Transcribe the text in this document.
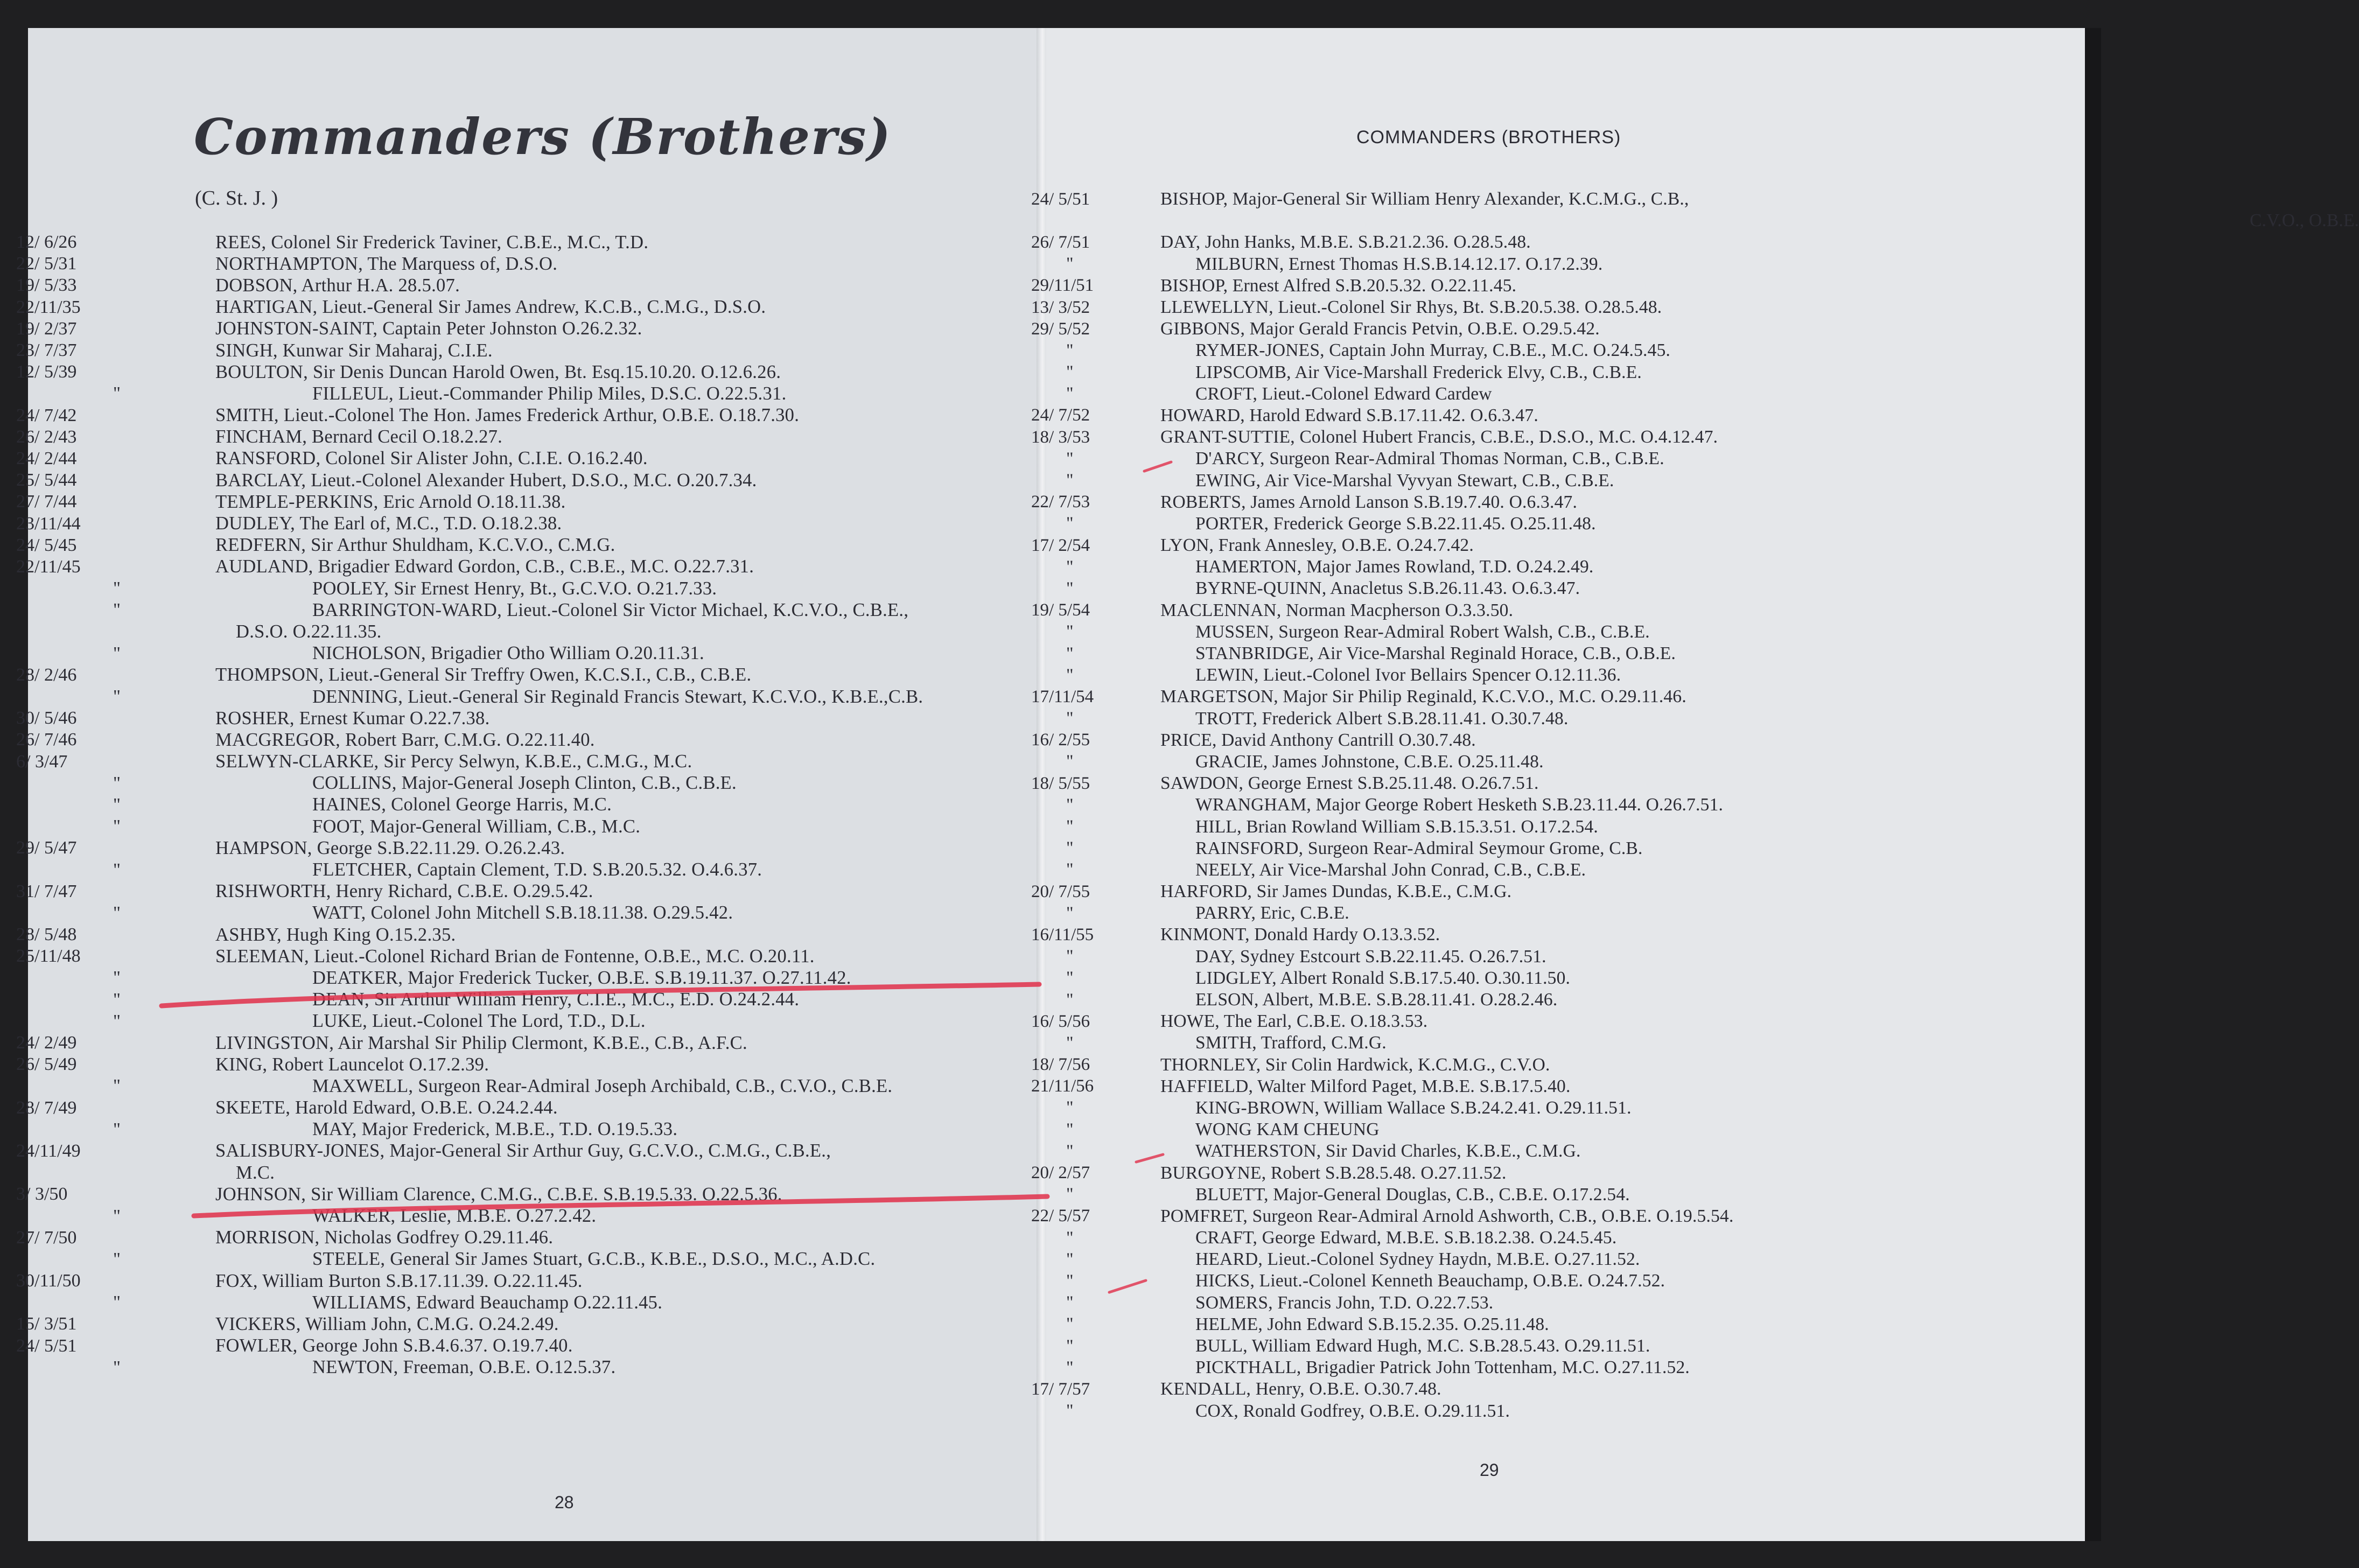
Commanders (Brothers)
(C. St. J. )
COMMANDERS (BROTHERS)
12/ 6/26	REES, Colonel Sir Frederick Taviner, C.B.E., M.C., T.D.
22/ 5/31	NORTHAMPTON, The Marquess of, D.S.O.
19/ 5/33	DOBSON, Arthur H.A. 28.5.07.
22/11/35	HARTIGAN, Lieut.-General Sir James Andrew, K.C.B., C.M.G., D.S.O.
19/ 2/37	JOHNSTON-SAINT, Captain Peter Johnston O.26.2.32.
23/ 7/37	SINGH, Kunwar Sir Maharaj, C.I.E.
12/ 5/39	BOULTON, Sir Denis Duncan Harold Owen, Bt. Esq.15.10.20. O.12.6.26.
"	FILLEUL, Lieut.-Commander Philip Miles, D.S.C. O.22.5.31.
24/ 7/42	SMITH, Lieut.-Colonel The Hon. James Frederick Arthur, O.B.E. O.18.7.30.
26/ 2/43	FINCHAM, Bernard Cecil O.18.2.27.
24/ 2/44	RANSFORD, Colonel Sir Alister John, C.I.E. O.16.2.40.
25/ 5/44	BARCLAY, Lieut.-Colonel Alexander Hubert, D.S.O., M.C. O.20.7.34.
27/ 7/44	TEMPLE-PERKINS, Eric Arnold O.18.11.38.
23/11/44	DUDLEY, The Earl of, M.C., T.D. O.18.2.38.
24/ 5/45	REDFERN, Sir Arthur Shuldham, K.C.V.O., C.M.G.
22/11/45	AUDLAND, Brigadier Edward Gordon, C.B., C.B.E., M.C. O.22.7.31.
"	POOLEY, Sir Ernest Henry, Bt., G.C.V.O. O.21.7.33.
"	BARRINGTON-WARD, Lieut.-Colonel Sir Victor Michael, K.C.V.O., C.B.E.,
D.S.O. O.22.11.35.
"	NICHOLSON, Brigadier Otho William O.20.11.31.
28/ 2/46	THOMPSON, Lieut.-General Sir Treffry Owen, K.C.S.I., C.B., C.B.E.
"	DENNING, Lieut.-General Sir Reginald Francis Stewart, K.C.V.O., K.B.E.,C.B.
30/ 5/46	ROSHER, Ernest Kumar O.22.7.38.
26/ 7/46	MACGREGOR, Robert Barr, C.M.G. O.22.11.40.
6/ 3/47	SELWYN-CLARKE, Sir Percy Selwyn, K.B.E., C.M.G., M.C.
"	COLLINS, Major-General Joseph Clinton, C.B., C.B.E.
"	HAINES, Colonel George Harris, M.C.
"	FOOT, Major-General William, C.B., M.C.
29/ 5/47	HAMPSON, George S.B.22.11.29. O.26.2.43.
"	FLETCHER, Captain Clement, T.D. S.B.20.5.32. O.4.6.37.
31/ 7/47	RISHWORTH, Henry Richard, C.B.E. O.29.5.42.
"	WATT, Colonel John Mitchell S.B.18.11.38. O.29.5.42.
28/ 5/48	ASHBY, Hugh King O.15.2.35.
25/11/48	SLEEMAN, Lieut.-Colonel Richard Brian de Fontenne, O.B.E., M.C. O.20.11.
"	DEATKER, Major Frederick Tucker, O.B.E. S.B.19.11.37. O.27.11.42.
"	DEAN, Sir Arthur William Henry, C.I.E., M.C., E.D. O.24.2.44.
"	LUKE, Lieut.-Colonel The Lord, T.D., D.L.
24/ 2/49	LIVINGSTON, Air Marshal Sir Philip Clermont, K.B.E., C.B., A.F.C.
26/ 5/49	KING, Robert Launcelot O.17.2.39.
"	MAXWELL, Surgeon Rear-Admiral Joseph Archibald, C.B., C.V.O., C.B.E.
28/ 7/49	SKEETE, Harold Edward, O.B.E. O.24.2.44.
"	MAY, Major Frederick, M.B.E., T.D. O.19.5.33.
24/11/49	SALISBURY-JONES, Major-General Sir Arthur Guy, G.C.V.O., C.M.G., C.B.E.,
M.C.
3/ 3/50	JOHNSON, Sir William Clarence, C.M.G., C.B.E. S.B.19.5.33. O.22.5.36.
"	WALKER, Leslie, M.B.E. O.27.2.42.
27/ 7/50	MORRISON, Nicholas Godfrey O.29.11.46.
"	STEELE, General Sir James Stuart, G.C.B., K.B.E., D.S.O., M.C., A.D.C.
30/11/50	FOX, William Burton S.B.17.11.39. O.22.11.45.
"	WILLIAMS, Edward Beauchamp O.22.11.45.
15/ 3/51	VICKERS, William John, C.M.G. O.24.2.49.
24/ 5/51	FOWLER, George John S.B.4.6.37. O.19.7.40.
"	NEWTON, Freeman, O.B.E. O.12.5.37.
24/ 5/51	BISHOP, Major-General Sir William Henry Alexander, K.C.M.G., C.B.,
C.V.O., O.B.E.
26/ 7/51	DAY, John Hanks, M.B.E. S.B.21.2.36. O.28.5.48.
"	MILBURN, Ernest Thomas H.S.B.14.12.17. O.17.2.39.
29/11/51	BISHOP, Ernest Alfred S.B.20.5.32. O.22.11.45.
13/ 3/52	LLEWELLYN, Lieut.-Colonel Sir Rhys, Bt. S.B.20.5.38. O.28.5.48.
29/ 5/52	GIBBONS, Major Gerald Francis Petvin, O.B.E. O.29.5.42.
"	RYMER-JONES, Captain John Murray, C.B.E., M.C. O.24.5.45.
"	LIPSCOMB, Air Vice-Marshall Frederick Elvy, C.B., C.B.E.
"	CROFT, Lieut.-Colonel Edward Cardew
24/ 7/52	HOWARD, Harold Edward S.B.17.11.42. O.6.3.47.
18/ 3/53	GRANT-SUTTIE, Colonel Hubert Francis, C.B.E., D.S.O., M.C. O.4.12.47.
"	D'ARCY, Surgeon Rear-Admiral Thomas Norman, C.B., C.B.E.
"	EWING, Air Vice-Marshal Vyvyan Stewart, C.B., C.B.E.
22/ 7/53	ROBERTS, James Arnold Lanson S.B.19.7.40. O.6.3.47.
"	PORTER, Frederick George S.B.22.11.45. O.25.11.48.
17/ 2/54	LYON, Frank Annesley, O.B.E. O.24.7.42.
"	HAMERTON, Major James Rowland, T.D. O.24.2.49.
"	BYRNE-QUINN, Anacletus S.B.26.11.43. O.6.3.47.
19/ 5/54	MACLENNAN, Norman Macpherson O.3.3.50.
"	MUSSEN, Surgeon Rear-Admiral Robert Walsh, C.B., C.B.E.
"	STANBRIDGE, Air Vice-Marshal Reginald Horace, C.B., O.B.E.
"	LEWIN, Lieut.-Colonel Ivor Bellairs Spencer O.12.11.36.
17/11/54	MARGETSON, Major Sir Philip Reginald, K.C.V.O., M.C. O.29.11.46.
"	TROTT, Frederick Albert S.B.28.11.41. O.30.7.48.
16/ 2/55	PRICE, David Anthony Cantrill O.30.7.48.
"	GRACIE, James Johnstone, C.B.E. O.25.11.48.
18/ 5/55	SAWDON, George Ernest S.B.25.11.48. O.26.7.51.
"	WRANGHAM, Major George Robert Hesketh S.B.23.11.44. O.26.7.51.
"	HILL, Brian Rowland William S.B.15.3.51. O.17.2.54.
"	RAINSFORD, Surgeon Rear-Admiral Seymour Grome, C.B.
"	NEELY, Air Vice-Marshal John Conrad, C.B., C.B.E.
20/ 7/55	HARFORD, Sir James Dundas, K.B.E., C.M.G.
"	PARRY, Eric, C.B.E.
16/11/55	KINMONT, Donald Hardy O.13.3.52.
"	DAY, Sydney Estcourt S.B.22.11.45. O.26.7.51.
"	LIDGLEY, Albert Ronald S.B.17.5.40. O.30.11.50.
"	ELSON, Albert, M.B.E. S.B.28.11.41. O.28.2.46.
16/ 5/56	HOWE, The Earl, C.B.E. O.18.3.53.
"	SMITH, Trafford, C.M.G.
18/ 7/56	THORNLEY, Sir Colin Hardwick, K.C.M.G., C.V.O.
21/11/56	HAFFIELD, Walter Milford Paget, M.B.E. S.B.17.5.40.
"	KING-BROWN, William Wallace S.B.24.2.41. O.29.11.51.
"	WONG KAM CHEUNG
"	WATHERSTON, Sir David Charles, K.B.E., C.M.G.
20/ 2/57	BURGOYNE, Robert S.B.28.5.48. O.27.11.52.
"	BLUETT, Major-General Douglas, C.B., C.B.E. O.17.2.54.
22/ 5/57	POMFRET, Surgeon Rear-Admiral Arnold Ashworth, C.B., O.B.E. O.19.5.54.
"	CRAFT, George Edward, M.B.E. S.B.18.2.38. O.24.5.45.
"	HEARD, Lieut.-Colonel Sydney Haydn, M.B.E. O.27.11.52.
"	HICKS, Lieut.-Colonel Kenneth Beauchamp, O.B.E. O.24.7.52.
"	SOMERS, Francis John, T.D. O.22.7.53.
"	HELME, John Edward S.B.15.2.35. O.25.11.48.
"	BULL, William Edward Hugh, M.C. S.B.28.5.43. O.29.11.51.
"	PICKTHALL, Brigadier Patrick John Tottenham, M.C. O.27.11.52.
17/ 7/57	KENDALL, Henry, O.B.E. O.30.7.48.
"	COX, Ronald Godfrey, O.B.E. O.29.11.51.
28
29
